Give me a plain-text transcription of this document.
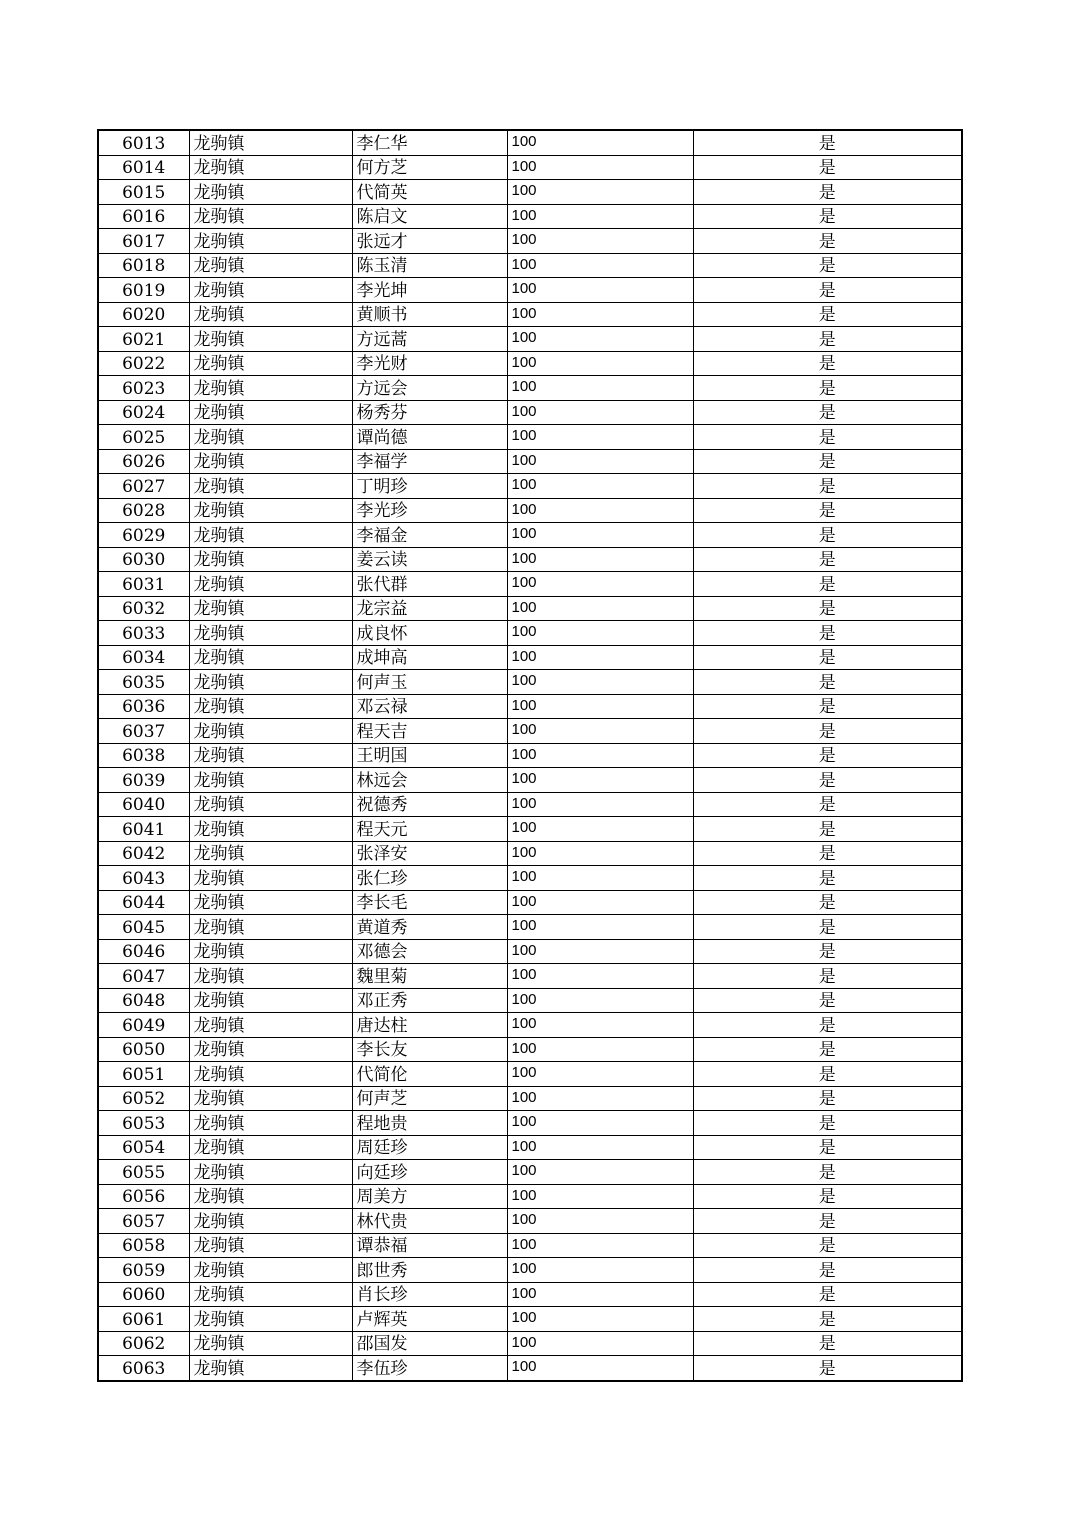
6013	龙驹镇	李仁华	100	是
6014	龙驹镇	何方芝	100	是
6015	龙驹镇	代简英	100	是
6016	龙驹镇	陈启文	100	是
6017	龙驹镇	张远才	100	是
6018	龙驹镇	陈玉清	100	是
6019	龙驹镇	李光坤	100	是
6020	龙驹镇	黄顺书	100	是
6021	龙驹镇	方远蒿	100	是
6022	龙驹镇	李光财	100	是
6023	龙驹镇	方远会	100	是
6024	龙驹镇	杨秀芬	100	是
6025	龙驹镇	谭尚德	100	是
6026	龙驹镇	李福学	100	是
6027	龙驹镇	丁明珍	100	是
6028	龙驹镇	李光珍	100	是
6029	龙驹镇	李福金	100	是
6030	龙驹镇	姜云读	100	是
6031	龙驹镇	张代群	100	是
6032	龙驹镇	龙宗益	100	是
6033	龙驹镇	成良怀	100	是
6034	龙驹镇	成坤高	100	是
6035	龙驹镇	何声玉	100	是
6036	龙驹镇	邓云禄	100	是
6037	龙驹镇	程天吉	100	是
6038	龙驹镇	王明国	100	是
6039	龙驹镇	林远会	100	是
6040	龙驹镇	祝德秀	100	是
6041	龙驹镇	程天元	100	是
6042	龙驹镇	张泽安	100	是
6043	龙驹镇	张仁珍	100	是
6044	龙驹镇	李长毛	100	是
6045	龙驹镇	黄道秀	100	是
6046	龙驹镇	邓德会	100	是
6047	龙驹镇	魏里菊	100	是
6048	龙驹镇	邓正秀	100	是
6049	龙驹镇	唐达柱	100	是
6050	龙驹镇	李长友	100	是
6051	龙驹镇	代简伦	100	是
6052	龙驹镇	何声芝	100	是
6053	龙驹镇	程地贵	100	是
6054	龙驹镇	周廷珍	100	是
6055	龙驹镇	向廷珍	100	是
6056	龙驹镇	周美方	100	是
6057	龙驹镇	林代贵	100	是
6058	龙驹镇	谭恭福	100	是
6059	龙驹镇	郎世秀	100	是
6060	龙驹镇	肖长珍	100	是
6061	龙驹镇	卢辉英	100	是
6062	龙驹镇	邵国发	100	是
6063	龙驹镇	李伍珍	100	是
